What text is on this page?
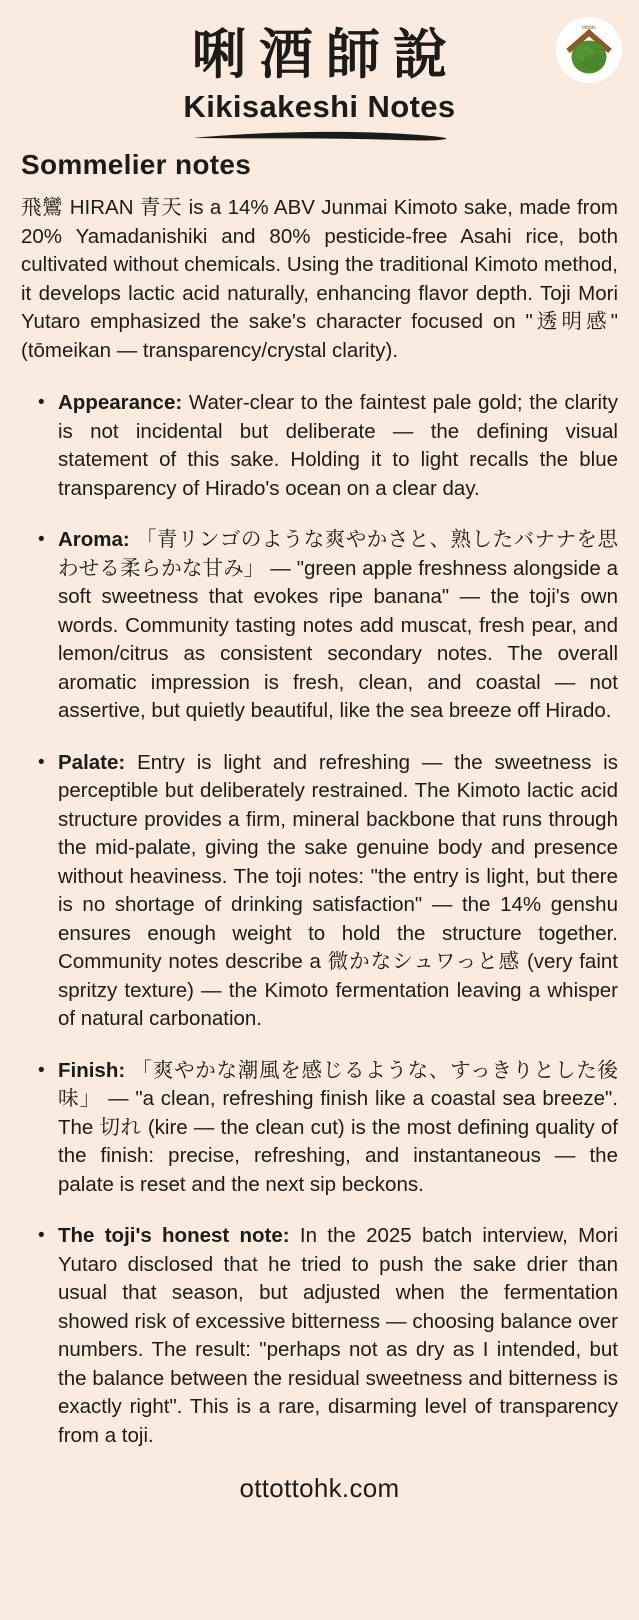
ottotto
唎酒師說
Kikisakeshi Notes
Sommelier notes

飛鸞 HIRAN 青天 is a 14% ABV Junmai Kimoto sake, made from 20% Yamadanishiki and 80% pesticide-free Asahi rice, both cultivated without chemicals. Using the traditional Kimoto method, it develops lactic acid naturally, enhancing flavor depth. Toji Mori Yutaro emphasized the sake's character focused on "透明感" (tōmeikan — transparency/crystal clarity).

• Appearance: Water-clear to the faintest pale gold; the clarity is not incidental but deliberate — the defining visual statement of this sake. Holding it to light recalls the blue transparency of Hirado's ocean on a clear day.
• Aroma: 「青リンゴのような爽やかさと、熟したバナナを思わせる柔らかな甘み」 — "green apple freshness alongside a soft sweetness that evokes ripe banana" — the toji's own words. Community tasting notes add muscat, fresh pear, and lemon/citrus as consistent secondary notes. The overall aromatic impression is fresh, clean, and coastal — not assertive, but quietly beautiful, like the sea breeze off Hirado.
• Palate: Entry is light and refreshing — the sweetness is perceptible but deliberately restrained. The Kimoto lactic acid structure provides a firm, mineral backbone that runs through the mid-palate, giving the sake genuine body and presence without heaviness. The toji notes: "the entry is light, but there is no shortage of drinking satisfaction" — the 14% genshu ensures enough weight to hold the structure together. Community notes describe a 微かなシュワっと感 (very faint spritzy texture) — the Kimoto fermentation leaving a whisper of natural carbonation.
• Finish: 「爽やかな潮風を感じるような、すっきりとした後味」 — "a clean, refreshing finish like a coastal sea breeze". The 切れ (kire — the clean cut) is the most defining quality of the finish: precise, refreshing, and instantaneous — the palate is reset and the next sip beckons.
• The toji's honest note: In the 2025 batch interview, Mori Yutaro disclosed that he tried to push the sake drier than usual that season, but adjusted when the fermentation showed risk of excessive bitterness — choosing balance over numbers. The result: "perhaps not as dry as I intended, but the balance between the residual sweetness and bitterness is exactly right". This is a rare, disarming level of transparency from a toji.
ottottohk.com
